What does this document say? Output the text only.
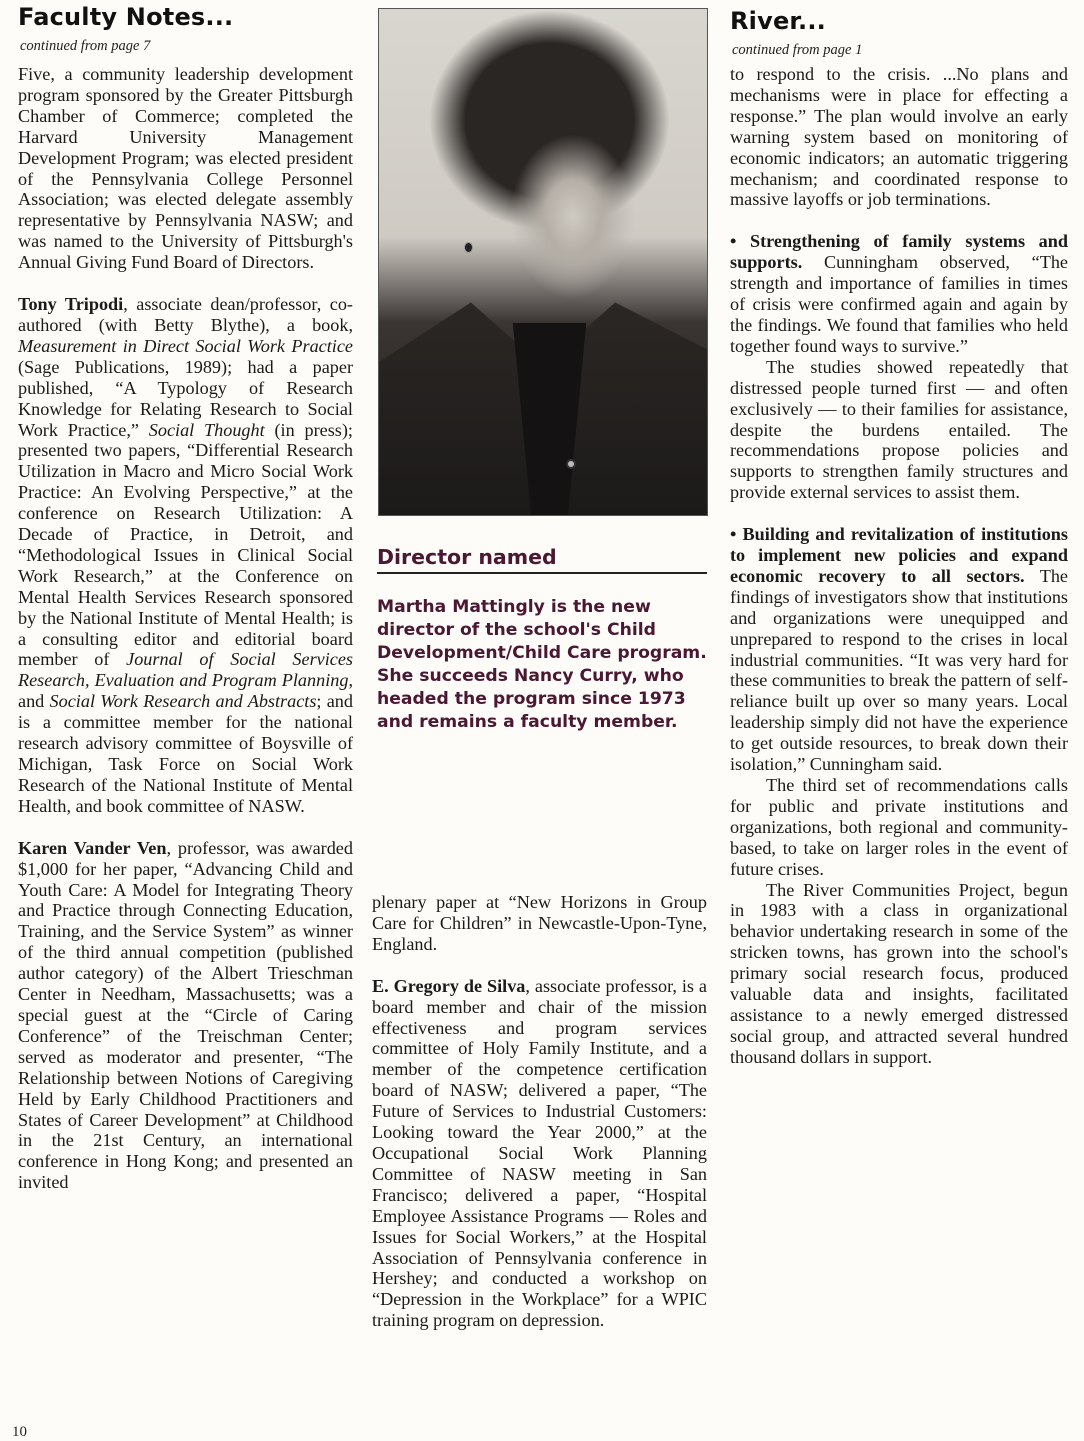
Faculty Notes...
continued from page 7

Five, a community leadership development program sponsored by the Greater Pittsburgh Chamber of Commerce; completed the Harvard University Management Development Program; was elected president of the Pennsylvania College Personnel Association; was elected delegate assembly representative by Pennsylvania NASW; and was named to the University of Pittsburgh's Annual Giving Fund Board of Directors.

Tony Tripodi, associate dean/professor, co-authored (with Betty Blythe), a book, Measurement in Direct Social Work Practice (Sage Publications, 1989); had a paper published, “A Typology of Research Knowledge for Relating Research to Social Work Practice,” Social Thought (in press); presented two papers, “Differential Research Utilization in Macro and Micro Social Work Practice: An Evolving Perspective,” at the conference on Research Utilization: A Decade of Practice, in Detroit, and “Methodological Issues in Clinical Social Work Research,” at the Conference on Mental Health Services Research sponsored by the National Institute of Mental Health; is a consulting editor and editorial board member of Journal of Social Services Research, Evaluation and Program Planning, and Social Work Research and Abstracts; and is a committee member for the national research advisory committee of Boysville of Michigan, Task Force on Social Work Research of the National Institute of Mental Health, and book committee of NASW.

Karen Vander Ven, professor, was awarded $1,000 for her paper, “Advancing Child and Youth Care: A Model for Integrating Theory and Practice through Connecting Education, Training, and the Service System” as winner of the third annual competition (published author category) of the Albert Trieschman Center in Needham, Massachusetts; was a special guest at the “Circle of Caring Conference” of the Treischman Center; served as moderator and presenter, “The Relationship between Notions of Caregiving Held by Early Childhood Practitioners and States of Career Development” at Childhood in the 21st Century, an international conference in Hong Kong; and presented an invited

Director named

Martha Mattingly is the new director of the school's Child Development/Child Care program. She succeeds Nancy Curry, who headed the program since 1973 and remains a faculty member.

plenary paper at “New Horizons in Group Care for Children” in Newcastle-Upon-Tyne, England.

E. Gregory de Silva, associate professor, is a board member and chair of the mission effectiveness and program services committee of Holy Family Institute, and a member of the competence certification board of NASW; delivered a paper, “The Future of Services to Industrial Customers: Looking toward the Year 2000,” at the Occupational Social Work Planning Committee of NASW meeting in San Francisco; delivered a paper, “Hospital Employee Assistance Programs — Roles and Issues for Social Workers,” at the Hospital Association of Pennsylvania conference in Hershey; and conducted a workshop on “Depression in the Workplace” for a WPIC training program on depression.

River...
continued from page 1

to respond to the crisis. ...No plans and mechanisms were in place for effecting a response.” The plan would involve an early warning system based on monitoring of economic indicators; an automatic triggering mechanism; and coordinated response to massive layoffs or job terminations.

• Strengthening of family systems and supports. Cunningham observed, “The strength and importance of families in times of crisis were confirmed again and again by the findings. We found that families who held together found ways to survive.”

The studies showed repeatedly that distressed people turned first — and often exclusively — to their families for assistance, despite the burdens entailed. The recommendations propose policies and supports to strengthen family structures and provide external services to assist them.

• Building and revitalization of institutions to implement new policies and expand economic recovery to all sectors. The findings of investigators show that institutions and organizations were unequipped and unprepared to respond to the crises in local industrial communities. “It was very hard for these communities to break the pattern of self-reliance built up over so many years. Local leadership simply did not have the experience to get outside resources, to break down their isolation,” Cunningham said.

The third set of recommendations calls for public and private institutions and organizations, both regional and community-based, to take on larger roles in the event of future crises.

The River Communities Project, begun in 1983 with a class in organizational behavior undertaking research in some of the stricken towns, has grown into the school's primary social research focus, produced valuable data and insights, facilitated assistance to a newly emerged distressed social group, and attracted several hundred thousand dollars in support.

10
